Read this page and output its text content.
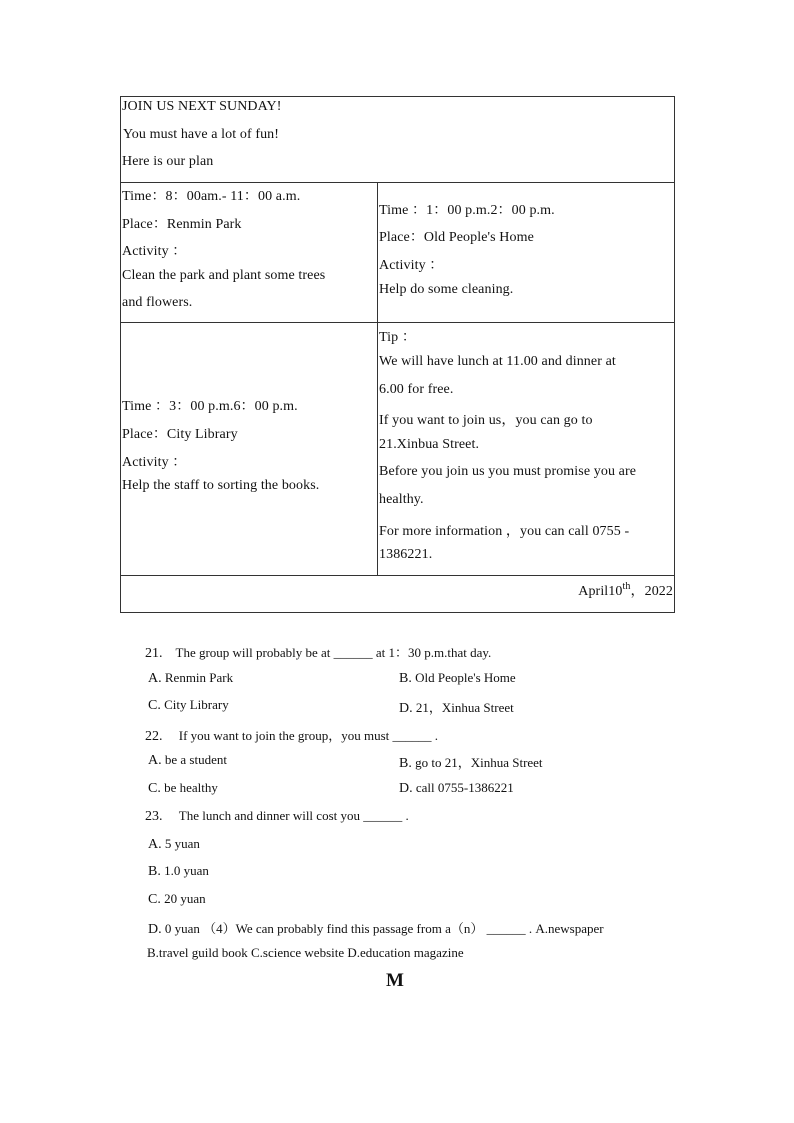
JOIN US NEXT SUNDAY!
You must have a lot of fun!
Here is our plan
Time：8：00am.- 11：00 a.m.
Place：Renmin Park
Activity ：
Clean the park and plant some trees
and flowers.
Time ：1：00 p.m.2：00 p.m.
Place：Old People's Home
Activity ：
Help do some cleaning.
Time ：3：00 p.m.6：00 p.m.
Place：City Library
Activity ：
Help the staff to sorting the books.
Tip ：
We will have lunch at 11.00 and dinner at
6.00 for free.
If you want to join us，you can go to
21.Xinbua Street.
Before you join us you must promise you are
healthy.
For more information ，you can call 0755 -
1386221.
April10th，2022
21. The group will probably be at ______ at 1：30 p.m.that day.
A. Renmin Park	B. Old People's Home
C. City Library	D. 21，Xinhua Street
22. If you want to join the group，you must ______ .
A. be a student	B. go to 21，Xinhua Street
C. be healthy	D. call 0755-1386221
23. The lunch and dinner will cost you ______ .
A. 5 yuan
B. 1.0 yuan
C. 20 yuan
D. 0 yuan （4）We can probably find this passage from a（n） ______ . A.newspaper
B.travel guild book C.science website D.education magazine
M
